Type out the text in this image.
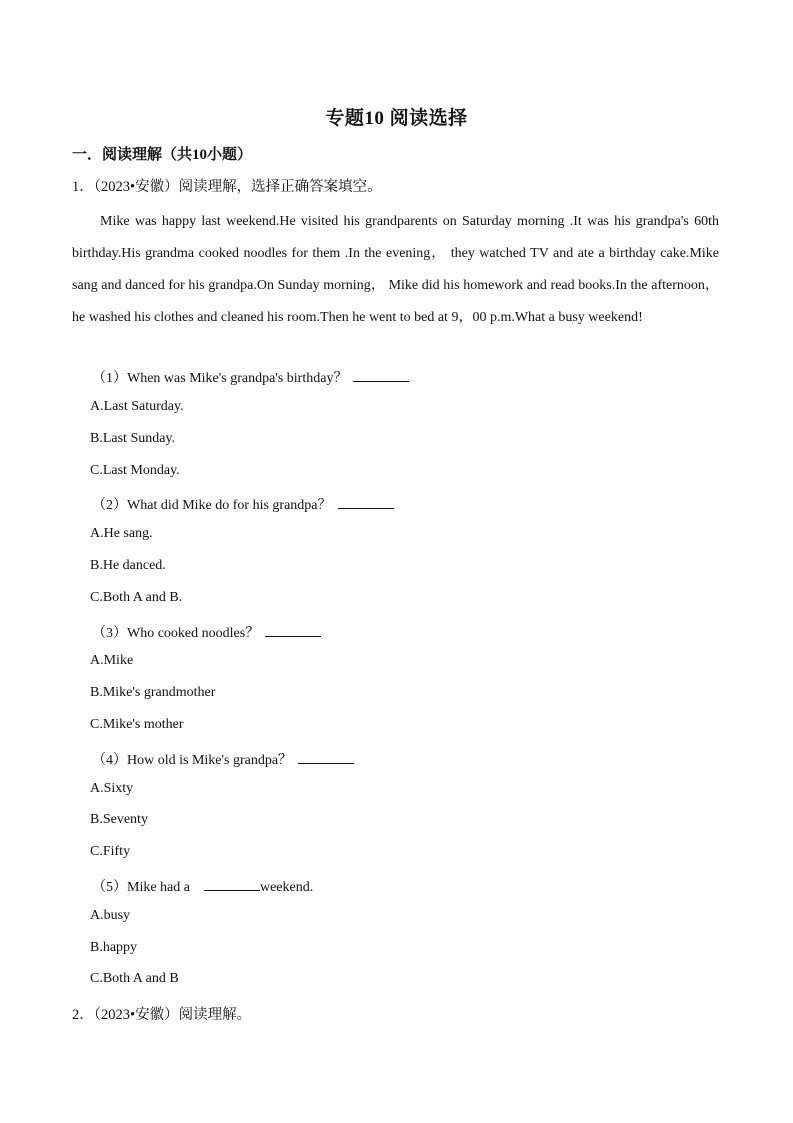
专题10 阅读选择
一．阅读理解（共10小题）
1．（2023•安徽）阅读理解，选择正确答案填空。
Mike was happy last weekend.He visited his grandparents on Saturday morning .It was his grandpa's 60th birthday.His grandma cooked noodles for them .In the evening， they watched TV and ate a birthday cake.Mike sang and danced for his grandpa.On Sunday morning， Mike did his homework and read books.In the afternoon， he washed his clothes and cleaned his room.Then he went to bed at 9，00 p.m.What a busy weekend!
（1）When was Mike's grandpa's birthday？
A.Last Saturday.
B.Last Sunday.
C.Last Monday.
（2）What did Mike do for his grandpa？
A.He sang.
B.He danced.
C.Both A and B.
（3）Who cooked noodles？
A.Mike
B.Mike's grandmother
C.Mike's mother
（4）How old is Mike's grandpa？
A.Sixty
B.Seventy
C.Fifty
（5）Mike had a	weekend.
A.busy
B.happy
C.Both A and B
2．（2023•安徽）阅读理解。
